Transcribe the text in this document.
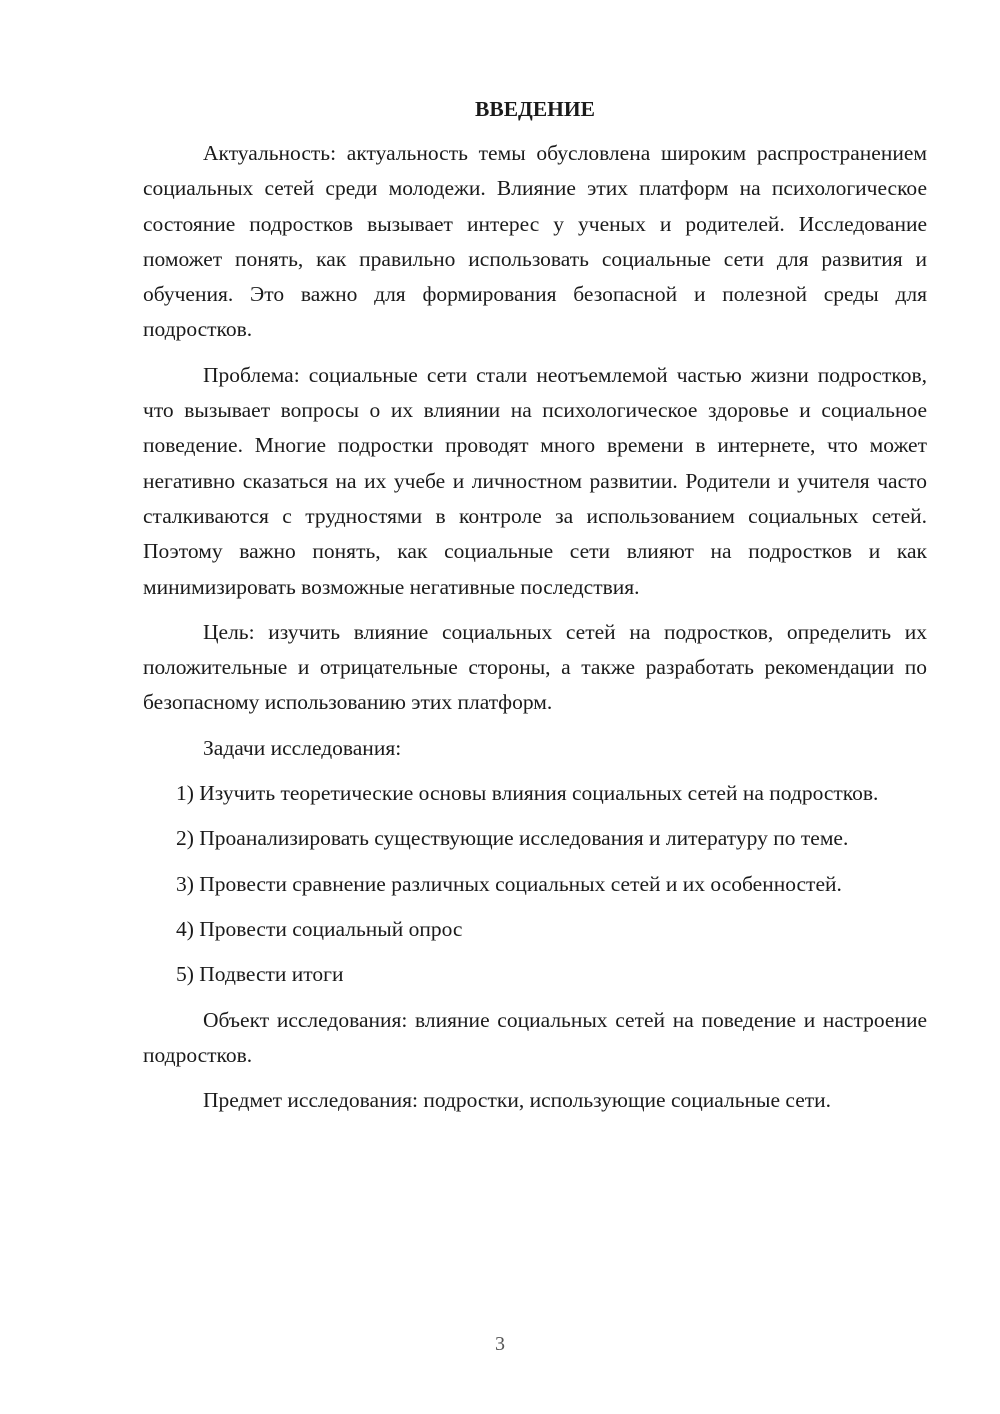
ВВЕДЕНИЕ

Актуальность: актуальность темы обусловлена широким распространением социальных сетей среди молодежи. Влияние этих платформ на психологическое состояние подростков вызывает интерес у ученых и родителей. Исследование поможет понять, как правильно использовать социальные сети для развития и обучения. Это важно для формирования безопасной и полезной среды для подростков.

Проблема: социальные сети стали неотъемлемой частью жизни подростков, что вызывает вопросы о их влиянии на психологическое здоровье и социальное поведение. Многие подростки проводят много времени в интернете, что может негативно сказаться на их учебе и личностном развитии. Родители и учителя часто сталкиваются с трудностями в контроле за использованием социальных сетей. Поэтому важно понять, как социальные сети влияют на подростков и как минимизировать возможные негативные последствия.

Цель: изучить влияние социальных сетей на подростков, определить их положительные и отрицательные стороны, а также разработать рекомендации по безопасному использованию этих платформ.

Задачи исследования:

1) Изучить теоретические основы влияния социальных сетей на подростков.

2) Проанализировать существующие исследования и литературу по теме.

3) Провести сравнение различных социальных сетей и их особенностей.

4) Провести социальный опрос

5) Подвести итоги

Объект исследования: влияние социальных сетей на поведение и настроение подростков.

Предмет исследования: подростки, использующие социальные сети.

3
